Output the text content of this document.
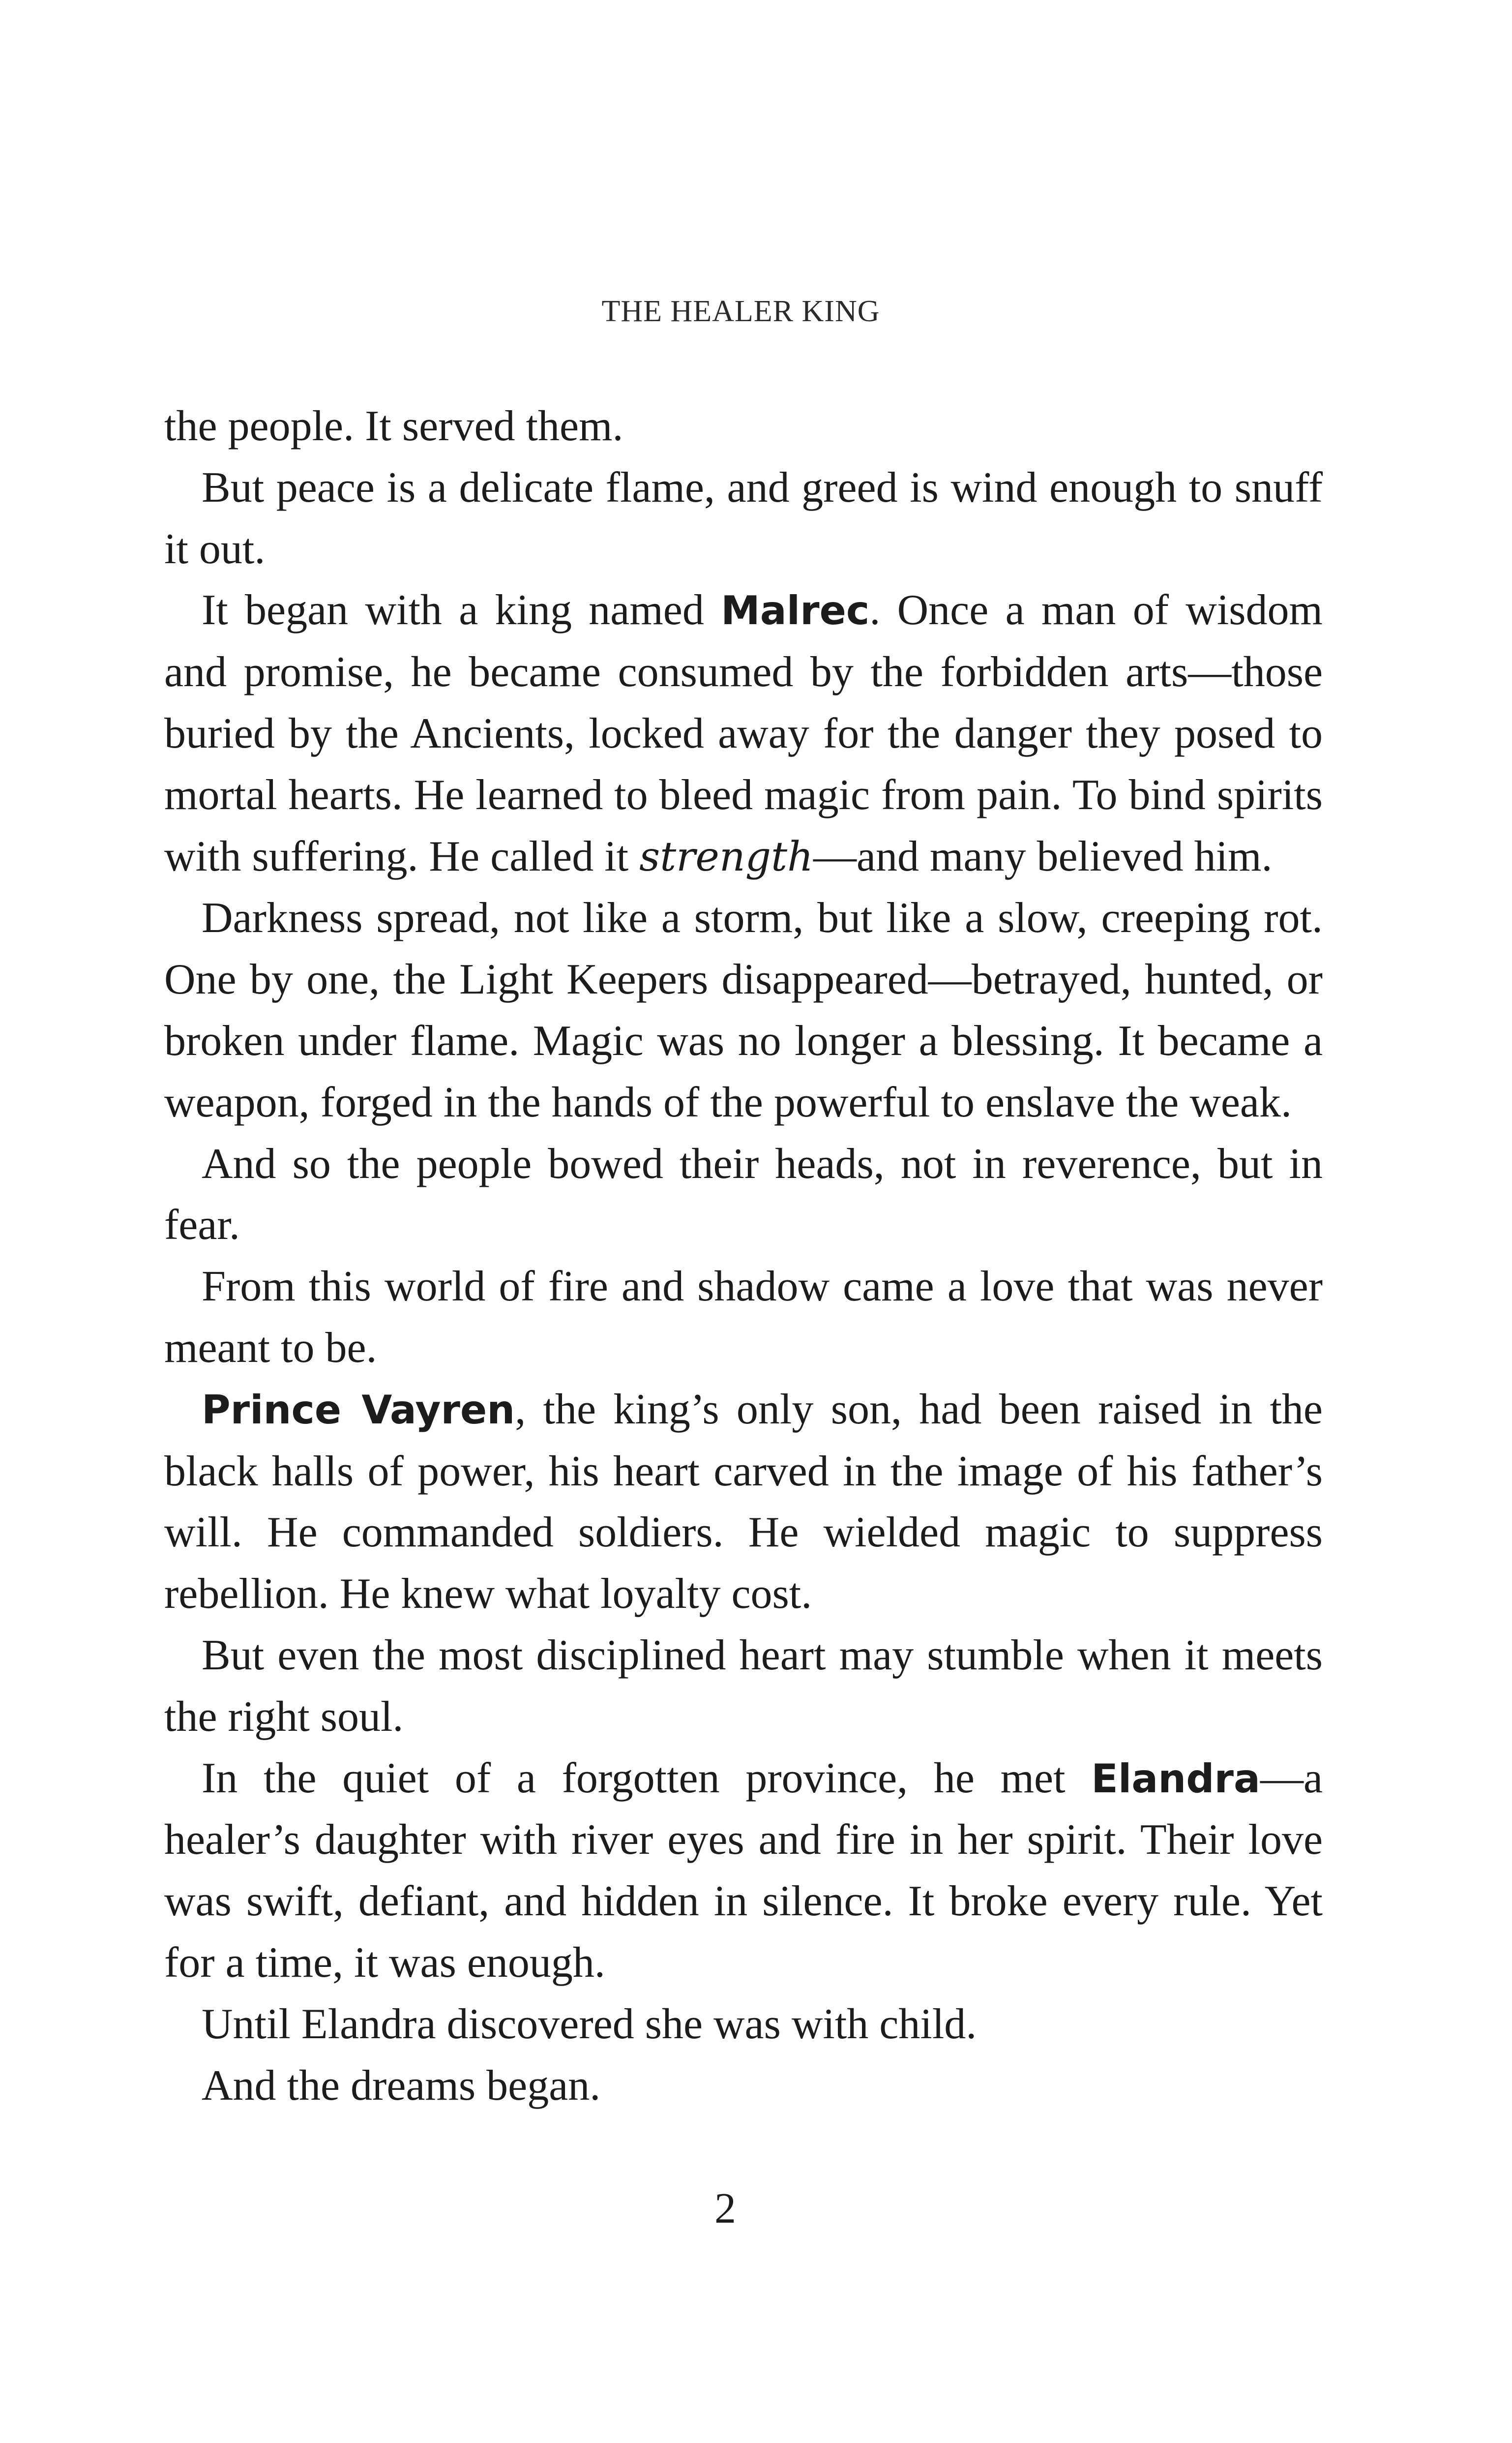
THE HEALER KING

the people. It served them.

But peace is a delicate flame, and greed is wind enough to snuff it out.

It began with a king named Malrec. Once a man of wisdom and promise, he became consumed by the forbidden arts—those buried by the Ancients, locked away for the danger they posed to mortal hearts. He learned to bleed magic from pain. To bind spirits with suffering. He called it strength—and many believed him.

Darkness spread, not like a storm, but like a slow, creeping rot. One by one, the Light Keepers disappeared—betrayed, hunted, or broken under flame. Magic was no longer a blessing. It became a weapon, forged in the hands of the powerful to enslave the weak.

And so the people bowed their heads, not in reverence, but in fear.

From this world of fire and shadow came a love that was never meant to be.

Prince Vayren, the king’s only son, had been raised in the black halls of power, his heart carved in the image of his father’s will. He commanded soldiers. He wielded magic to suppress rebellion. He knew what loyalty cost.

But even the most disciplined heart may stumble when it meets the right soul.

In the quiet of a forgotten province, he met Elandra—a healer’s daughter with river eyes and fire in her spirit. Their love was swift, defiant, and hidden in silence. It broke every rule. Yet for a time, it was enough.

Until Elandra discovered she was with child.

And the dreams began.

2
